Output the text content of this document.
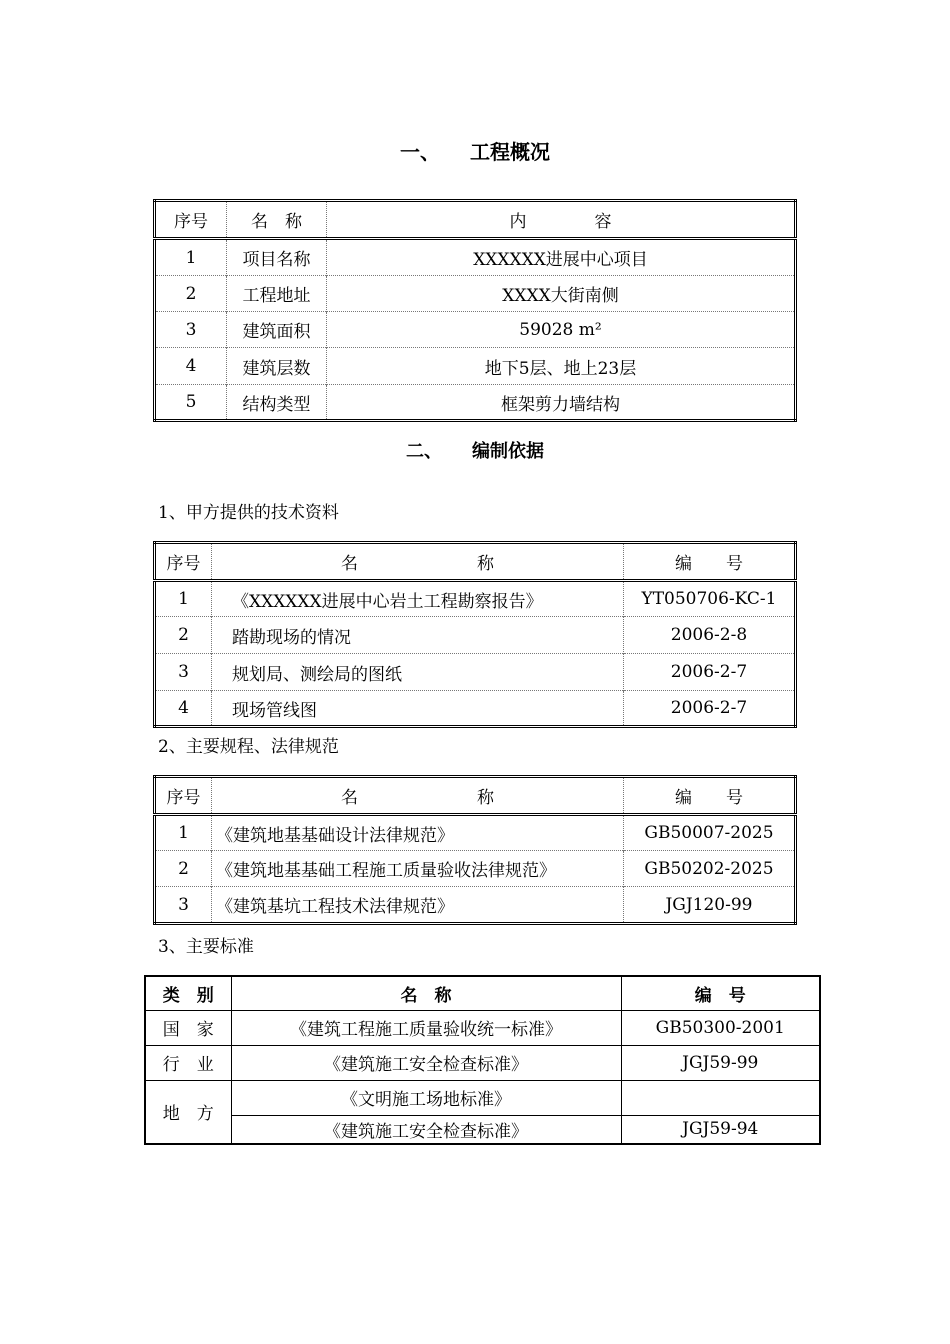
一、 工程概况
序号	名　称	内　　　　容
1	项目名称	XXXXXX进展中心项目
2	工程地址	XXXX大街南侧
3	建筑面积	59028 m²
4	建筑层数	地下5层、地上23层
5	结构类型	框架剪力墙结构
二、 编制依据
1、甲方提供的技术资料
序号	名　　　　　　　称	编　　号
1	《XXXXXX进展中心岩土工程勘察报告》	YT050706-KC-1
2	踏勘现场的情况	2006-2-8
3	规划局、测绘局的图纸	2006-2-7
4	现场管线图	2006-2-7
2、主要规程、法律规范
序号	名　　　　　　　称	编　　号
1	《建筑地基基础设计法律规范》	GB50007-2025
2	《建筑地基基础工程施工质量验收法律规范》	GB50202-2025
3	《建筑基坑工程技术法律规范》	JGJ120-99
3、主要标准
类　别	名　称	编　号
国　家	《建筑工程施工质量验收统一标准》	GB50300-2001
行　业	《建筑施工安全检查标准》	JGJ59-99
地　方	《文明施工场地标准》	
	《建筑施工安全检查标准》	JGJ59-94
